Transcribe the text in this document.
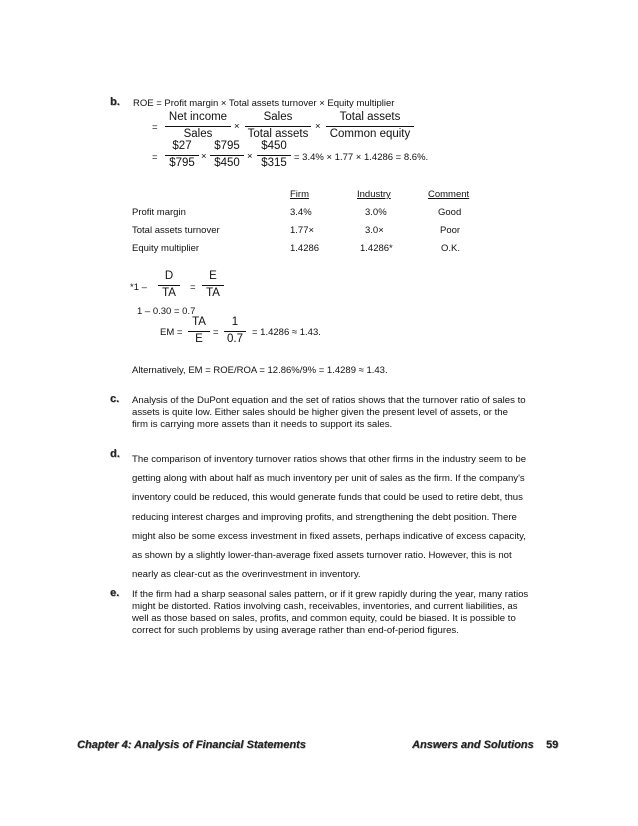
b. ROE = Profit margin × Total assets turnover × Equity multiplier
=
Net income
Sales
×
Sales
Total assets
×
Total assets
Common equity
=
$27
$795 ×
$795
$450 ×
$450
$315 = 3.4% × 1.77 × 1.4286 = 8.6%.
Firm	Industry	Comment
Profit margin	3.4%	3.0%	Good
Total assets turnover	1.77×	3.0×	Poor
Equity multiplier	1.4286	1.4286*	O.K.
*1 –
D
TA =
E
TA
1 – 0.30 = 0.7
EM =
TA
E =
1
0.7 = 1.4286 ≈ 1.43.
Alternatively, EM = ROE/ROA = 12.86%/9% = 1.4289 ≈ 1.43.
c. Analysis of the DuPont equation and the set of ratios shows that the turnover ratio of sales to

assets is quite low. Either sales should be higher given the present level of assets, or the

firm is carrying more assets than it needs to support its sales.

d. The comparison of inventory turnover ratios shows that other firms in the industry seem to be

getting along with about half as much inventory per unit of sales as the firm. If the company's

inventory could be reduced, this would generate funds that could be used to retire debt, thus

reducing interest charges and improving profits, and strengthening the debt position. There

might also be some excess investment in fixed assets, perhaps indicative of excess capacity,

as shown by a slightly lower-than-average fixed assets turnover ratio. However, this is not

nearly as clear-cut as the overinvestment in inventory.

e. If the firm had a sharp seasonal sales pattern, or if it grew rapidly during the year, many ratios

might be distorted. Ratios involving cash, receivables, inventories, and current liabilities, as

well as those based on sales, profits, and common equity, could be biased. It is possible to

correct for such problems by using average rather than end-of-period figures.

Chapter 4: Analysis of Financial Statements	Answers and Solutions 59
